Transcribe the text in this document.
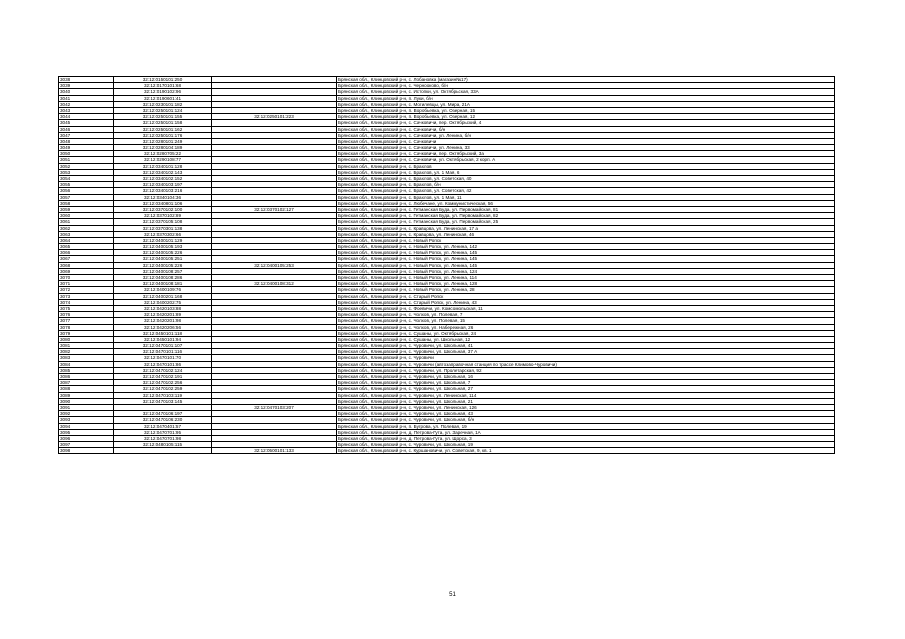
3038	32:12:0150101:250		Брянская обл., Клинцовский р-н, с. Лобановка (магазин№17)
3039	32:12:0170101:68		Брянская обл., Клинцовский р-н, с. Чернооково, б/н
3040	32:12:0190102:96		Брянская обл., Клинцовский р-н, с. Истопки, ул. Октябрьская, 33А
3041	32:12:0190601:41		Брянская обл., Клинцовский р-н, п. Луки, б/н
3042	32:12:0230101:182		Брянская обл., Клинцовский р-н, с. Могилевцы, ул. Мира, 21А
3043	32:12:0250101:124		Брянская обл., Клинцовский р-н, п. Воробьевка, ул. Озерная, 15
3044	32:12:0250101:155	32:12:0250101:223	Брянская обл., Клинцовский р-н, п. Воробьевка, ул. Озерная, 12
3045	32:12:0250101:158		Брянская обл., Клинцовский р-н, с. Сачковичи, пер. Октябрьский, 4
3046	32:12:0250101:162		Брянская обл., Клинцовский р-н, с. Сачковичи, б/н
3047	32:12:0250101:176		Брянская обл., Клинцовский р-н, с. Сачковичи, ул. Ленина, б/н
3048	32:12:0280101:249		Брянская обл., Клинцовский р-н, с. Сачковичи
3049	32:12:0280104:189		Брянская обл., Клинцовский р-н, с. Сачковичи, ул. Ленина, 33
3050	32:12:0280705:22		Брянская обл., Клинцовский р-н, с. Сачковичи, пер. Октябрьский, 3а
3051	32:12:0290108:77		Брянская обл., Клинцовский р-н, с. Сачковичи, ул. Октябрьская, 2 корп. А
3052	32:12:0340101:128		Брянская обл., Клинцовский р-н, с. Брахлов
3053	32:12:0340102:143		Брянская обл., Клинцовский р-н, с. Брахлов, ул. 1 Мая, 6
3054	32:12:0340102:152		Брянская обл., Клинцовский р-н, с. Брахлов, ул. Советская, 40
3055	32:12:0340103:197		Брянская обл., Клинцовский р-н, с. Брахлов, б/н
3056	32:12:0340103:216		Брянская обл., Клинцовский р-н, с. Брахлов, ул. Советская, 42
3057	32:12:0340104:36		Брянская обл., Клинцовский р-н, с. Брахлов, ул. 1 Мая, 11
3058	32:12:0340801:106		Брянская обл., Клинцовский р-н, с. Любечане, ул. Коммунистическая, 56
3059	32:12:0370102:100	32:12:0370102:127	Брянская обл., Клинцовский р-н, с. Гетманская Буда, ул. Первомайская, 81
3060	32:12:0370102:89		Брянская обл., Клинцовский р-н, с. Гетманская Буда, ул. Первомайская, 82
3061	32:12:0370105:108		Брянская обл., Клинцовский р-н, с. Гетманская Буда, ул. Первомайская, 25
3062	32:12:0370301:138		Брянская обл., Клинцовский р-н, с. Кравцова, ул. Ленинская, 17 а
3063	32:12:0370302:66		Брянская обл., Клинцовский р-н, с. Кравцова, ул. Ленинская, 46
3064	32:12:0400101:129		Брянская обл., Клинцовский р-н, с. Новый Ропск
3065	32:12:0400105:193		Брянская обл., Клинцовский р-н, с. Новый Ропск, ул. Ленина, 142
3066	32:12:0400105:226		Брянская обл., Клинцовский р-н, с. Новый Ропск, ул. Ленина, 145
3067	32:12:0400105:251		Брянская обл., Клинцовский р-н, с. Новый Ропск, ул. Ленина, 145
3068	32:12:0400105:226	32:12:0400105:253	Брянская обл., Клинцовский р-н, с. Новый Ропск, ул. Ленина, 145
3069	32:12:0400108:257		Брянская обл., Клинцовский р-н, с. Новый Ропск, ул. Ленина, 124
3070	32:12:0400108:286		Брянская обл., Клинцовский р-н, с. Новый Ропск, ул. Ленина, 114
3071	32:12:0400108:181	32:12:0400108:312	Брянская обл., Клинцовский р-н, с. Новый Ропск, ул. Ленина, 128
3072	32:12:0400109:76		Брянская обл., Клинцовский р-н, с. Новый Ропск, ул. Ленина, 28
3073	32:12:0400201:168		Брянская обл., Клинцовский р-н, с. Старый Ропск
3074	32:12:0400202:75		Брянская обл., Клинцовский р-н, с. Старый Ропск, ул. Ленина, 43
3075	32:12:0420103:88		Брянская обл., Клинцовский р-н, с. Фоевичи, ул. Комсомольская, 11
3076	32:12:0420201:89		Брянская обл., Клинцовский р-н, с. Чолхов, ул. Полевая, 7
3077	32:12:0420201:98		Брянская обл., Клинцовский р-н, с. Чолхов, ул. Полевая, 15
3078	32:12:0420206:56		Брянская обл., Клинцовский р-н, с. Чолхов, ул. Набережная, 26
3079	32:12:0450101:118		Брянская обл., Клинцовский р-н, с. Сушаны, ул. Октябрьская, 24
3080	32:12:0450101:94		Брянская обл., Клинцовский р-н, с. Сушаны, ул. Школьная, 12
3081	32:12:0470101:107		Брянская обл., Клинцовский р-н, с. Чуровичи, ул. Школьная, 41
3082	32:12:0470101:116		Брянская обл., Клинцовский р-н, с. Чуровичи, ул. Школьная, 37 А
3083	32:12:0470101:70		Брянская обл., Клинцовский р-н, с. Чуровичи
3084	32:12:0470101:86		Брянская обл., Клинцовский р-н, с. Чуровичи (автозаправочная станция по трассе Климово-Чуровичи)
3085	32:12:0470102:124		Брянская обл., Клинцовский р-н, с. Чуровичи, ул. Пролетарская, 92
3086	32:12:0470102:191		Брянская обл., Клинцовский р-н, с. Чуровичи, ул. Школьная, 16
3087	32:12:0470102:256		Брянская обл., Клинцовский р-н, с. Чуровичи, ул. Школьная, 7
3088	32:12:0470102:259		Брянская обл., Клинцовский р-н, с. Чуровичи, ул. Школьная, 27
3089	32:12:0470103:119		Брянская обл., Клинцовский р-н, с. Чуровичи, ул. Ленинская, 114
3090	32:12:0470103:145		Брянская обл., Клинцовский р-н, с. Чуровичи, ул. Школьная, 21
3091		32:12:0470103:207	Брянская обл., Клинцовский р-н, с. Чуровичи, ул. Ленинская, 126
3092	32:12:0470106:197		Брянская обл., Клинцовский р-н, с. Чуровичи, ул. Школьная, 43
3093	32:12:0470106:230		Брянская обл., Клинцовский р-н, с. Чуровичи, ул. Школьная, б/н
3094	32:12:0470401:57		Брянская обл., Клинцовский р-н, п. Бугрова, ул. Полевая, 19
3095	32:12:0470701:95		Брянская обл., Клинцовский р-н, д. Петрова-Гута, ул. Заречная, 1А
3096	32:12:0470701:98		Брянская обл., Клинцовский р-н, д. Петрова-Гута, ул. Щорса, 3
3097	32:12:0480105:115		Брянская обл., Клинцовский р-н, с. Чуровичи, ул. Школьная, 19
3098		32:12:0500101:133	Брянская обл., Клинцовский р-н, с. Куршановичи, ул. Советская, 9, кв. 1
51
